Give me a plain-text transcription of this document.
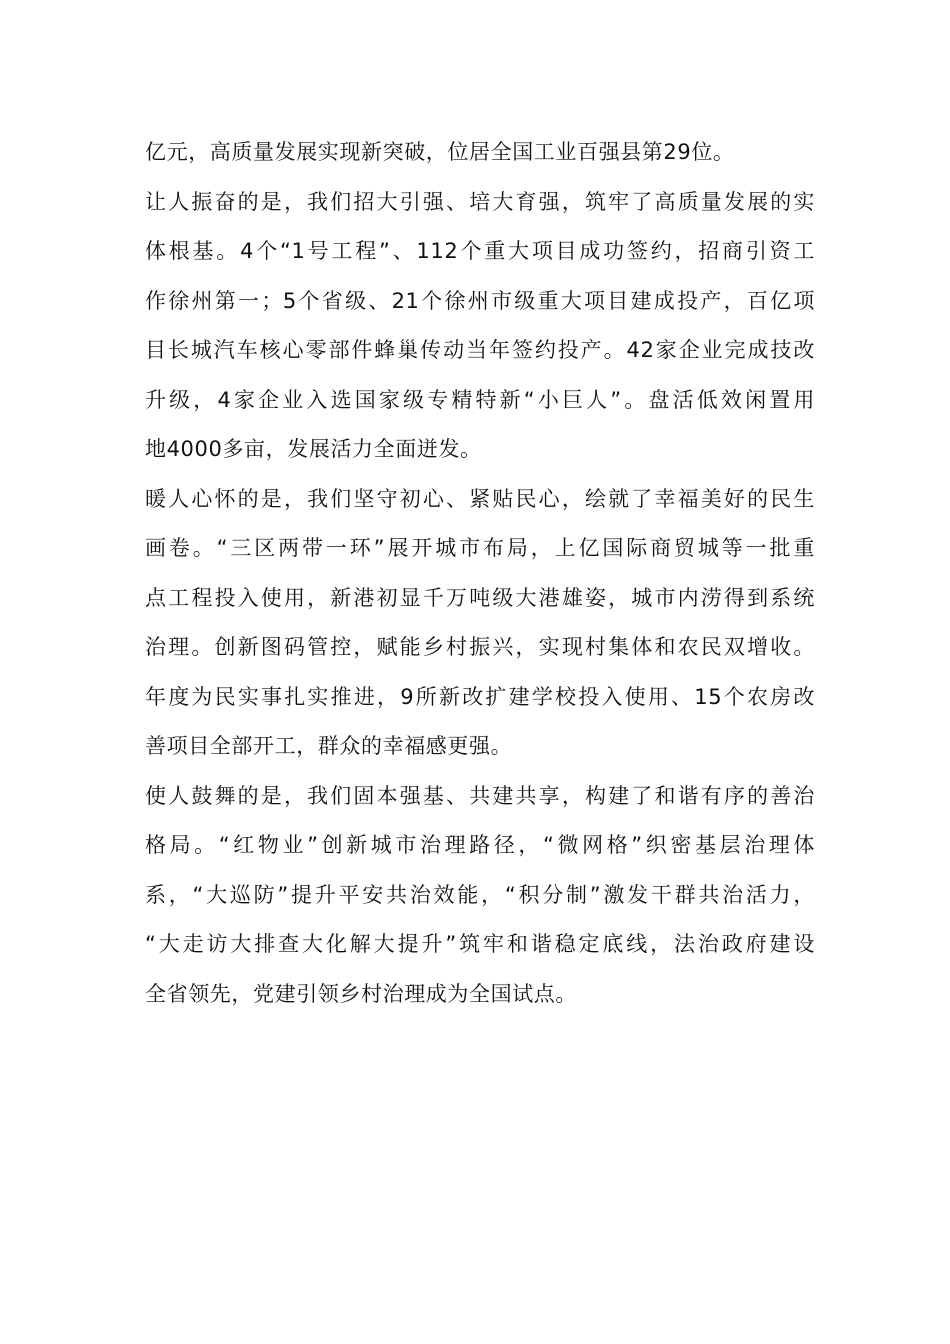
亿元，高质量发展实现新突破，位居全国工业百强县第29位。
让人振奋的是，我们招大引强、培大育强，筑牢了高质量发展的实
体根基。4个“1号工程”、112个重大项目成功签约，招商引资工
作徐州第一；5个省级、21个徐州市级重大项目建成投产，百亿项
目长城汽车核心零部件蜂巢传动当年签约投产。42家企业完成技改
升级，4家企业入选国家级专精特新“小巨人”。盘活低效闲置用
地4000多亩，发展活力全面迸发。
暖人心怀的是，我们坚守初心、紧贴民心，绘就了幸福美好的民生
画卷。“三区两带一环”展开城市布局，上亿国际商贸城等一批重
点工程投入使用，新港初显千万吨级大港雄姿，城市内涝得到系统
治理。创新图码管控，赋能乡村振兴，实现村集体和农民双增收。
年度为民实事扎实推进，9所新改扩建学校投入使用、15个农房改
善项目全部开工，群众的幸福感更强。
使人鼓舞的是，我们固本强基、共建共享，构建了和谐有序的善治
格局。“红物业”创新城市治理路径，“微网格”织密基层治理体
系，“大巡防”提升平安共治效能，“积分制”激发干群共治活力，
“大走访大排查大化解大提升”筑牢和谐稳定底线，法治政府建设
全省领先，党建引领乡村治理成为全国试点。
